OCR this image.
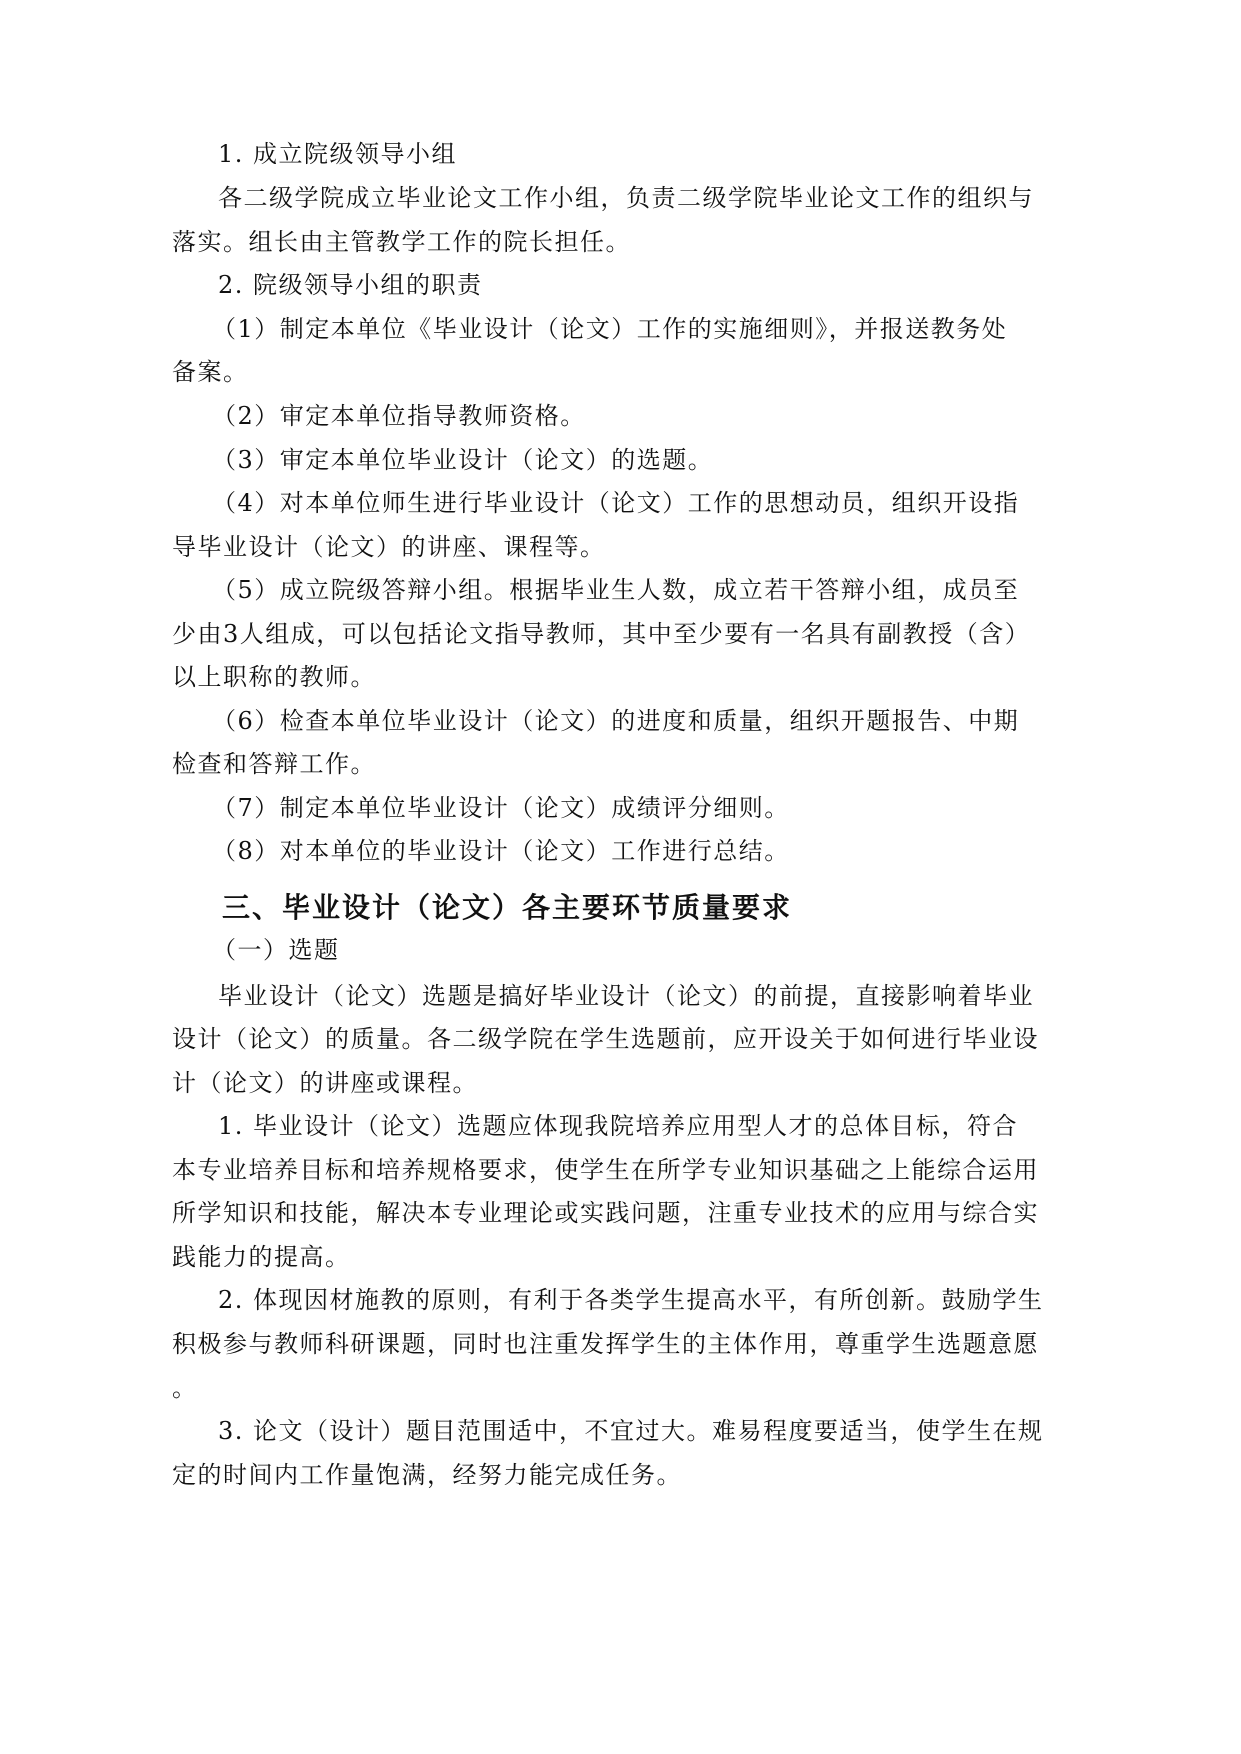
1. 成立院级领导小组

各二级学院成立毕业论文工作小组，负责二级学院毕业论文工作的组织与

落实。组长由主管教学工作的院长担任。

2. 院级领导小组的职责

（1）制定本单位《毕业设计（论文）工作的实施细则》，并报送教务处

备案。

（2）审定本单位指导教师资格。

（3）审定本单位毕业设计（论文）的选题。

（4）对本单位师生进行毕业设计（论文）工作的思想动员，组织开设指

导毕业设计（论文）的讲座、课程等。

（5）成立院级答辩小组。根据毕业生人数，成立若干答辩小组，成员至

少由3人组成，可以包括论文指导教师，其中至少要有一名具有副教授（含）

以上职称的教师。

（6）检查本单位毕业设计（论文）的进度和质量，组织开题报告、中期

检查和答辩工作。

（7）制定本单位毕业设计（论文）成绩评分细则。

（8）对本单位的毕业设计（论文）工作进行总结。

三、毕业设计（论文）各主要环节质量要求

（一）选题

毕业设计（论文）选题是搞好毕业设计（论文）的前提，直接影响着毕业

设计（论文）的质量。各二级学院在学生选题前，应开设关于如何进行毕业设

计（论文）的讲座或课程。

1. 毕业设计（论文）选题应体现我院培养应用型人才的总体目标，符合

本专业培养目标和培养规格要求，使学生在所学专业知识基础之上能综合运用

所学知识和技能，解决本专业理论或实践问题，注重专业技术的应用与综合实

践能力的提高。

2. 体现因材施教的原则，有利于各类学生提高水平，有所创新。鼓励学生

积极参与教师科研课题，同时也注重发挥学生的主体作用，尊重学生选题意愿

。

3. 论文（设计）题目范围适中，不宜过大。难易程度要适当，使学生在规

定的时间内工作量饱满，经努力能完成任务。
